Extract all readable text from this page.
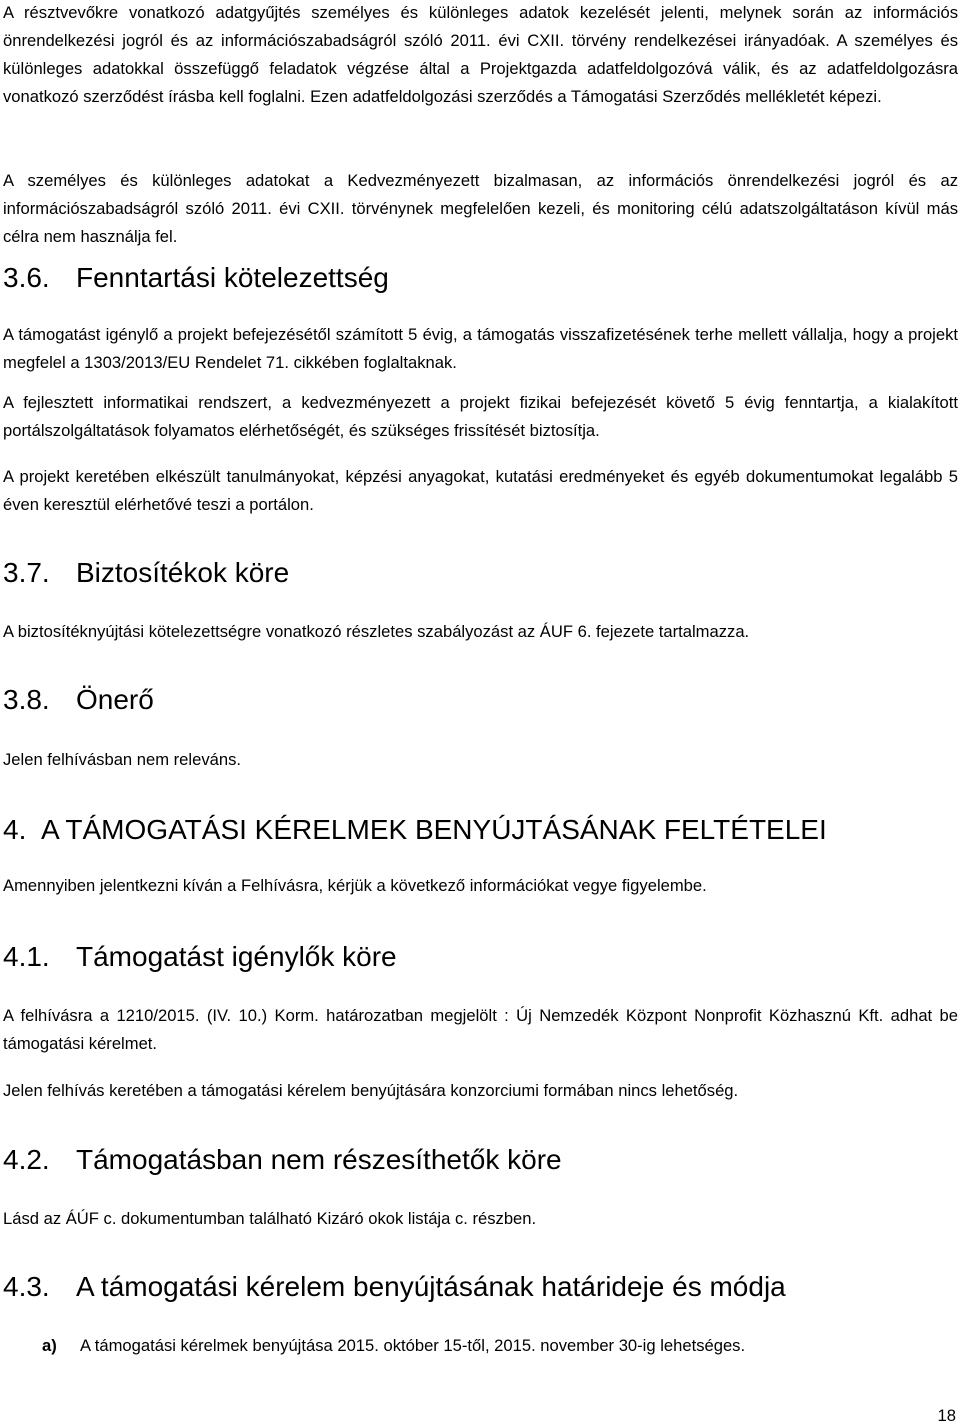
A résztvevőkre vonatkozó adatgyűjtés személyes és különleges adatok kezelését jelenti, melynek során az információs önrendelkezési jogról és az információszabadságról szóló 2011. évi CXII. törvény rendelkezései irányadóak. A személyes és különleges adatokkal összefüggő feladatok végzése által a Projektgazda adatfeldolgozóvá válik, és az adatfeldolgozásra vonatkozó szerződést írásba kell foglalni. Ezen adatfeldolgozási szerződés a Támogatási Szerződés mellékletét képezi.

A személyes és különleges adatokat a Kedvezményezett bizalmasan, az információs önrendelkezési jogról és az információszabadságról szóló 2011. évi CXII. törvénynek megfelelően kezeli, és monitoring célú adatszolgáltatáson kívül más célra nem használja fel.

3.6. Fenntartási kötelezettség

A támogatást igénylő a projekt befejezésétől számított 5 évig, a támogatás visszafizetésének terhe mellett vállalja, hogy a projekt megfelel a 1303/2013/EU Rendelet 71. cikkében foglaltaknak.

A fejlesztett informatikai rendszert, a kedvezményezett a projekt fizikai befejezését követő 5 évig fenntartja, a kialakított portálszolgáltatások folyamatos elérhetőségét, és szükséges frissítését biztosítja.

A projekt keretében elkészült tanulmányokat, képzési anyagokat, kutatási eredményeket és egyéb dokumentumokat legalább 5 éven keresztül elérhetővé teszi a portálon.

3.7. Biztosítékok köre

A biztosítéknyújtási kötelezettségre vonatkozó részletes szabályozást az ÁUF 6. fejezete tartalmazza.

3.8. Önerő

Jelen felhívásban nem releváns.

4. A TÁMOGATÁSI KÉRELMEK BENYÚJTÁSÁNAK FELTÉTELEI

Amennyiben jelentkezni kíván a Felhívásra, kérjük a következő információkat vegye figyelembe.

4.1. Támogatást igénylők köre

A felhívásra a 1210/2015. (IV. 10.) Korm. határozatban megjelölt : Új Nemzedék Központ Nonprofit Közhasznú Kft. adhat be támogatási kérelmet.

Jelen felhívás keretében a támogatási kérelem benyújtására konzorciumi formában nincs lehetőség.

4.2. Támogatásban nem részesíthetők köre

Lásd az ÁÚF c. dokumentumban található Kizáró okok listája c. részben.

4.3. A támogatási kérelem benyújtásának határideje és módja
a) A támogatási kérelmek benyújtása 2015. október 15-től, 2015. november 30-ig lehetséges.
18
